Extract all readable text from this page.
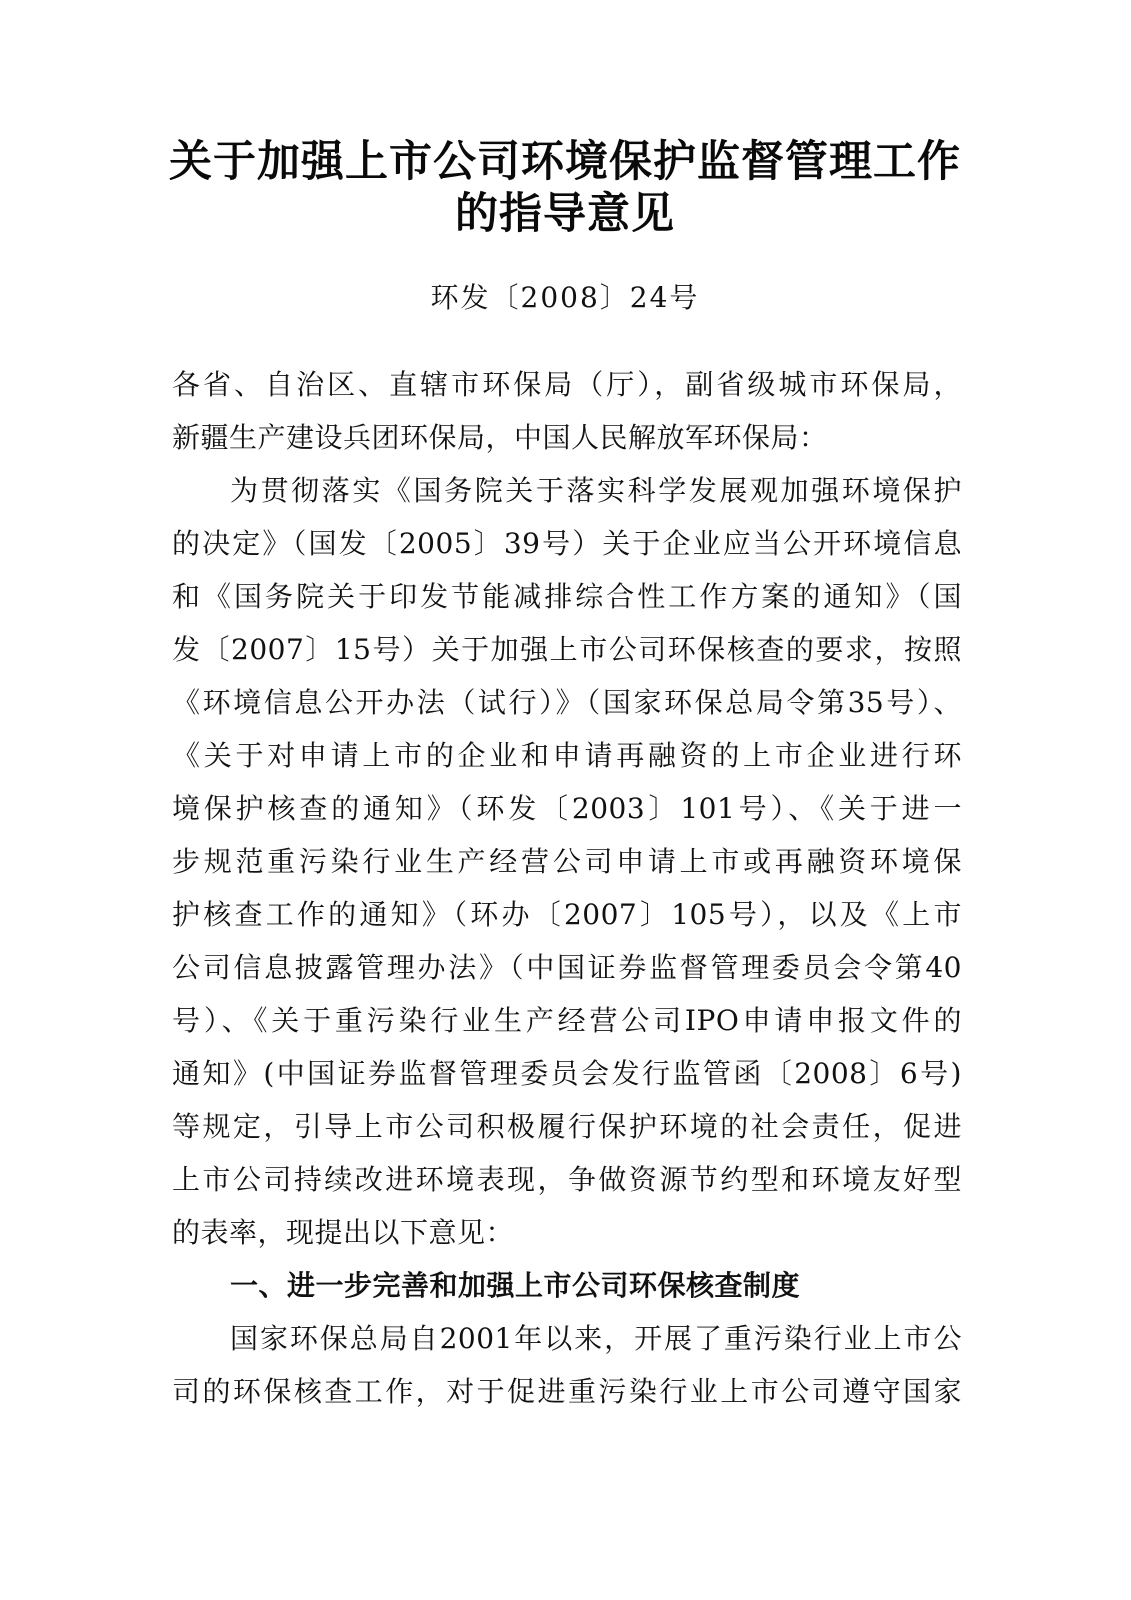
关于加强上市公司环境保护监督管理工作
的指导意见
环发〔2008〕24号
各省、自治区、直辖市环保局（厅），副省级城市环保局，
新疆生产建设兵团环保局，中国人民解放军环保局：
为贯彻落实《国务院关于落实科学发展观加强环境保护
的决定》（国发〔2005〕39号）关于企业应当公开环境信息
和《国务院关于印发节能减排综合性工作方案的通知》（国
发〔2007〕15号）关于加强上市公司环保核查的要求，按照
《环境信息公开办法（试行）》（国家环保总局令第35号）、
《关于对申请上市的企业和申请再融资的上市企业进行环
境保护核查的通知》（环发〔2003〕101号）、《关于进一
步规范重污染行业生产经营公司申请上市或再融资环境保
护核查工作的通知》（环办〔2007〕105号），以及《上市
公司信息披露管理办法》（中国证券监督管理委员会令第40
号）、《关于重污染行业生产经营公司IPO申请申报文件的
通知》(中国证券监督管理委员会发行监管函〔2008〕6号)
等规定，引导上市公司积极履行保护环境的社会责任，促进
上市公司持续改进环境表现，争做资源节约型和环境友好型
的表率，现提出以下意见：
一、进一步完善和加强上市公司环保核查制度
国家环保总局自2001年以来，开展了重污染行业上市公
司的环保核查工作，对于促进重污染行业上市公司遵守国家
